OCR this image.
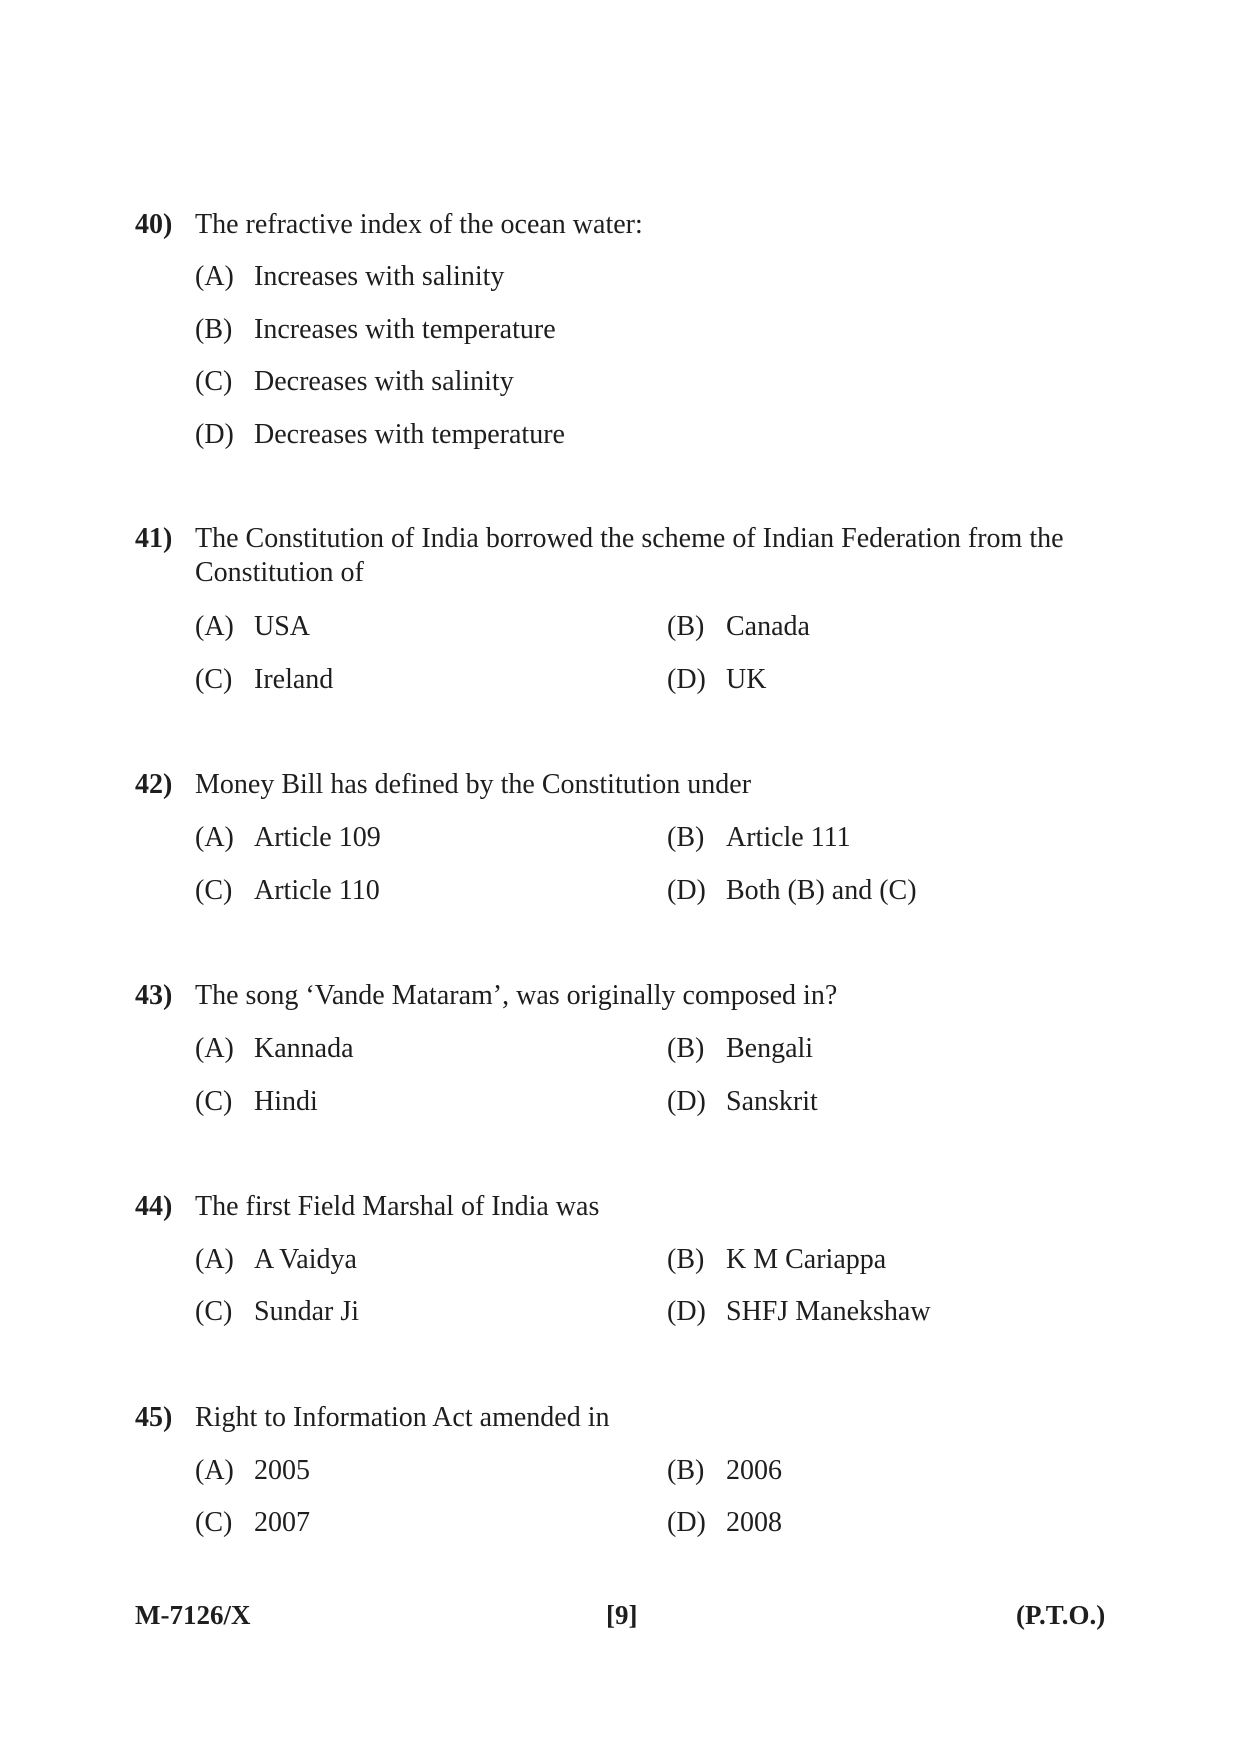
40) The refractive index of the ocean water:
(A) Increases with salinity
(B) Increases with temperature
(C) Decreases with salinity
(D) Decreases with temperature
41) The Constitution of India borrowed the scheme of Indian Federation from the Constitution of
(A) USA	(B) Canada
(C) Ireland	(D) UK
42) Money Bill has defined by the Constitution under
(A) Article 109	(B) Article 111
(C) Article 110	(D) Both (B) and (C)
43) The song ‘Vande Mataram’, was originally composed in?
(A) Kannada	(B) Bengali
(C) Hindi	(D) Sanskrit
44) The first Field Marshal of India was
(A) A Vaidya	(B) K M Cariappa
(C) Sundar Ji	(D) SHFJ Manekshaw
45) Right to Information Act amended in
(A) 2005	(B) 2006
(C) 2007	(D) 2008
M-7126/X	[9]	(P.T.O.)
